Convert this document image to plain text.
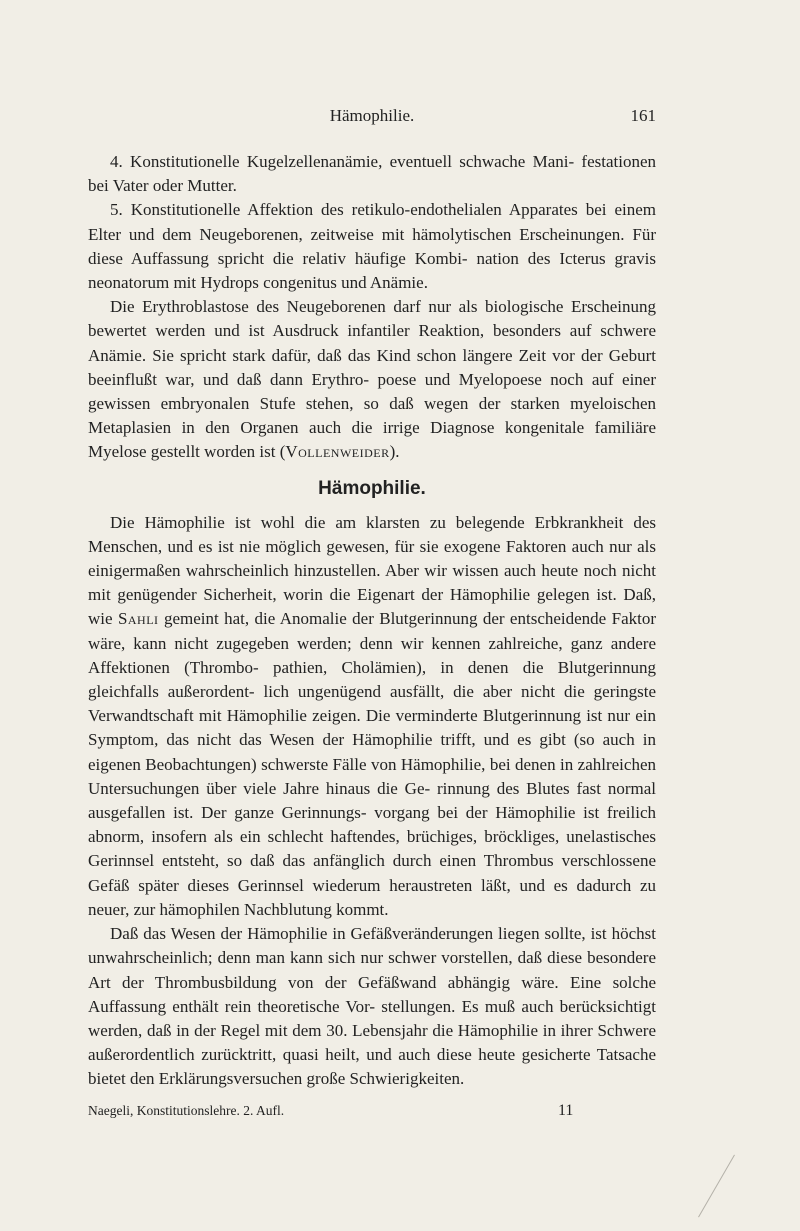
Hämophilie.	161

4. Konstitutionelle Kugelzellenanämie, eventuell schwache Mani- festationen bei Vater oder Mutter.

5. Konstitutionelle Affektion des retikulo-endothelialen Apparates bei einem Elter und dem Neugeborenen, zeitweise mit hämolytischen Erscheinungen. Für diese Auffassung spricht die relativ häufige Kombi- nation des Icterus gravis neonatorum mit Hydrops congenitus und Anämie.

Die Erythroblastose des Neugeborenen darf nur als biologische Erscheinung bewertet werden und ist Ausdruck infantiler Reaktion, besonders auf schwere Anämie. Sie spricht stark dafür, daß das Kind schon längere Zeit vor der Geburt beeinflußt war, und daß dann Erythro- poese und Myelopoese noch auf einer gewissen embryonalen Stufe stehen, so daß wegen der starken myeloischen Metaplasien in den Organen auch die irrige Diagnose kongenitale familiäre Myelose gestellt worden ist (Vollenweider).

Hämophilie.

Die Hämophilie ist wohl die am klarsten zu belegende Erbkrankheit des Menschen, und es ist nie möglich gewesen, für sie exogene Faktoren auch nur als einigermaßen wahrscheinlich hinzustellen. Aber wir wissen auch heute noch nicht mit genügender Sicherheit, worin die Eigenart der Hämophilie gelegen ist. Daß, wie Sahli gemeint hat, die Anomalie der Blutgerinnung der entscheidende Faktor wäre, kann nicht zugegeben werden; denn wir kennen zahlreiche, ganz andere Affektionen (Thrombo- pathien, Cholämien), in denen die Blutgerinnung gleichfalls außerordent- lich ungenügend ausfällt, die aber nicht die geringste Verwandtschaft mit Hämophilie zeigen. Die verminderte Blutgerinnung ist nur ein Symptom, das nicht das Wesen der Hämophilie trifft, und es gibt (so auch in eigenen Beobachtungen) schwerste Fälle von Hämophilie, bei denen in zahlreichen Untersuchungen über viele Jahre hinaus die Ge- rinnung des Blutes fast normal ausgefallen ist. Der ganze Gerinnungs- vorgang bei der Hämophilie ist freilich abnorm, insofern als ein schlecht haftendes, brüchiges, bröckliges, unelastisches Gerinnsel entsteht, so daß das anfänglich durch einen Thrombus verschlossene Gefäß später dieses Gerinnsel wiederum heraustreten läßt, und es dadurch zu neuer, zur hämophilen Nachblutung kommt.

Daß das Wesen der Hämophilie in Gefäßveränderungen liegen sollte, ist höchst unwahrscheinlich; denn man kann sich nur schwer vorstellen, daß diese besondere Art der Thrombusbildung von der Gefäßwand abhängig wäre. Eine solche Auffassung enthält rein theoretische Vor- stellungen. Es muß auch berücksichtigt werden, daß in der Regel mit dem 30. Lebensjahr die Hämophilie in ihrer Schwere außerordentlich zurücktritt, quasi heilt, und auch diese heute gesicherte Tatsache bietet den Erklärungsversuchen große Schwierigkeiten.

Naegeli, Konstitutionslehre. 2. Aufl.	11
